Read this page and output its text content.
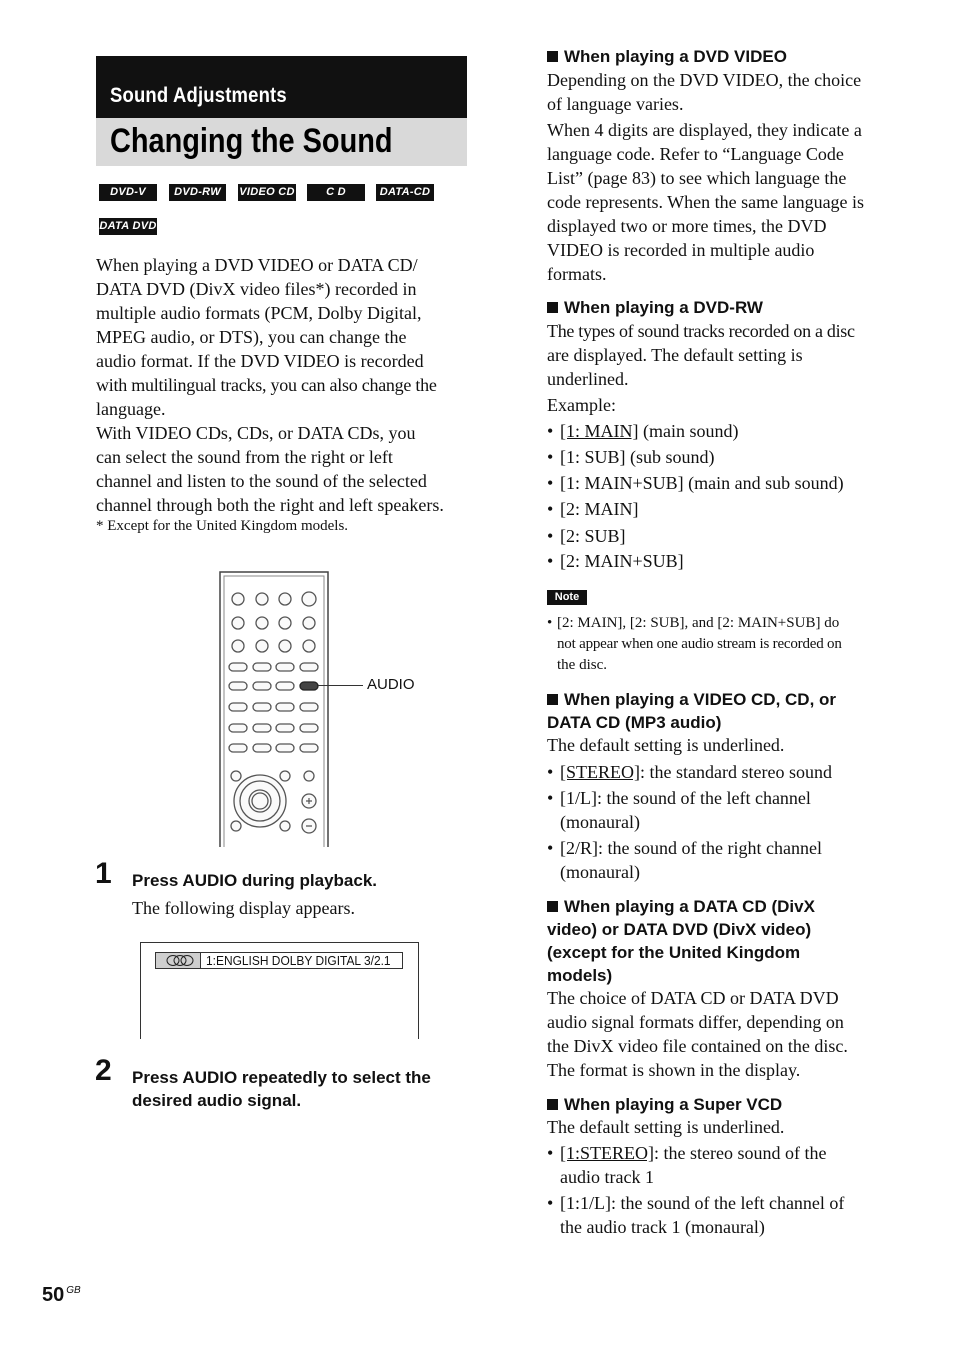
Sound Adjustments
Changing the Sound
DVD-V	DVD-RW	VIDEO CD	C D	DATA-CD
DATA DVD
When playing a DVD VIDEO or DATA CD/
DATA DVD (DivX video files*) recorded in
multiple audio formats (PCM, Dolby Digital,
MPEG audio, or DTS), you can change the
audio format. If the DVD VIDEO is recorded
with multilingual tracks, you can also change the
language.
With VIDEO CDs, CDs, or DATA CDs, you
can select the sound from the right or left
channel and listen to the sound of the selected
channel through both the right and left speakers.
* Except for the United Kingdom models.
AUDIO
1 Press AUDIO during playback.
The following display appears.
1:ENGLISH DOLBY DIGITAL 3/2.1
2 Press AUDIO repeatedly to select the
desired audio signal.
When playing a DVD VIDEO
Depending on the DVD VIDEO, the choice
of language varies.
When 4 digits are displayed, they indicate a
language code. Refer to “Language Code
List” (page 83) to see which language the
code represents. When the same language is
displayed two or more times, the DVD
VIDEO is recorded in multiple audio
formats.
When playing a DVD-RW
The types of sound tracks recorded on a disc
are displayed. The default setting is
underlined.
Example:
• [1: MAIN] (main sound)
• [1: SUB] (sub sound)
• [1: MAIN+SUB] (main and sub sound)
• [2: MAIN]
• [2: SUB]
• [2: MAIN+SUB]
Note
• [2: MAIN], [2: SUB], and [2: MAIN+SUB] do
not appear when one audio stream is recorded on
the disc.
When playing a VIDEO CD, CD, or
DATA CD (MP3 audio)
The default setting is underlined.
• [STEREO]: the standard stereo sound
• [1/L]: the sound of the left channel
(monaural)
• [2/R]: the sound of the right channel
(monaural)
When playing a DATA CD (DivX
video) or DATA DVD (DivX video)
(except for the United Kingdom
models)
The choice of DATA CD or DATA DVD
audio signal formats differ, depending on
the DivX video file contained on the disc.
The format is shown in the display.
When playing a Super VCD
The default setting is underlined.
• [1:STEREO]: the stereo sound of the
audio track 1
• [1:1/L]: the sound of the left channel of
the audio track 1 (monaural)
50 $^{GB}$
